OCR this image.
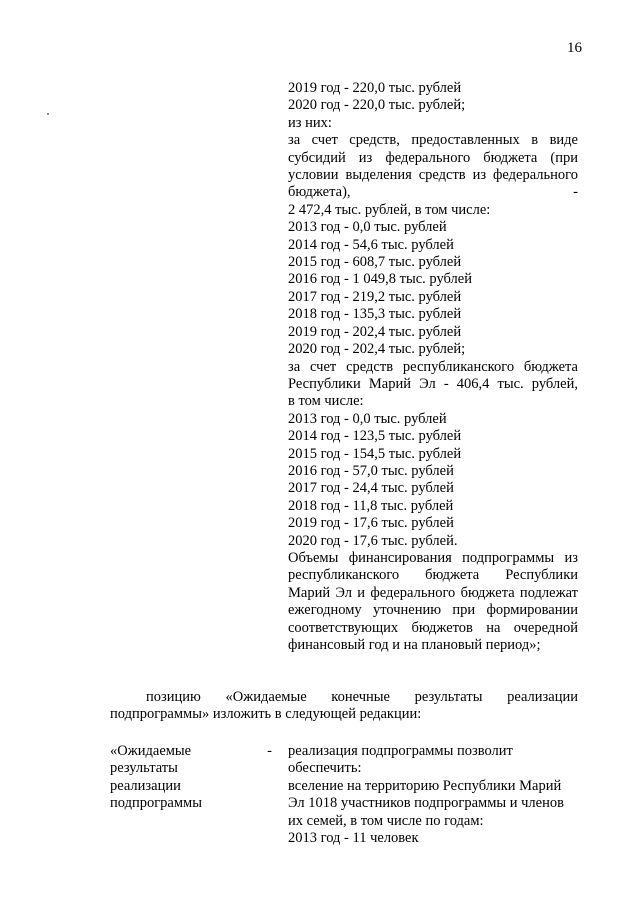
16
2019 год - 220,0 тыс. рублей
2020 год - 220,0 тыс. рублей;
из них:
за счет средств, предоставленных в виде субсидий из федерального бюджета (при условии выделения средств из федерального бюджета), -
2 472,4 тыс. рублей, в том числе:
2013 год - 0,0 тыс. рублей
2014 год - 54,6 тыс. рублей
2015 год - 608,7 тыс. рублей
2016 год - 1 049,8 тыс. рублей
2017 год - 219,2 тыс. рублей
2018 год - 135,3 тыс. рублей
2019 год - 202,4 тыс. рублей
2020 год - 202,4 тыс. рублей;
за счет средств республиканского бюджета Республики Марий Эл - 406,4 тыс. рублей,
в том числе:
2013 год - 0,0 тыс. рублей
2014 год - 123,5 тыс. рублей
2015 год - 154,5 тыс. рублей
2016 год - 57,0 тыс. рублей
2017 год - 24,4 тыс. рублей
2018 год - 11,8 тыс. рублей
2019 год - 17,6 тыс. рублей
2020 год - 17,6 тыс. рублей.
Объемы финансирования подпрограммы из республиканского бюджета Республики Марий Эл и федерального бюджета подлежат ежегодному уточнению при формировании соответствующих бюджетов на очередной финансовый год и на плановый период»;
позицию «Ожидаемые конечные результаты реализации подпрограммы» изложить в следующей редакции:
«Ожидаемые
результаты
реализации
подпрограммы
- реализация подпрограммы позволит обеспечить:
вселение на территорию Республики Марий Эл 1018 участников подпрограммы и членов их семей, в том числе по годам:
2013 год - 11 человек
